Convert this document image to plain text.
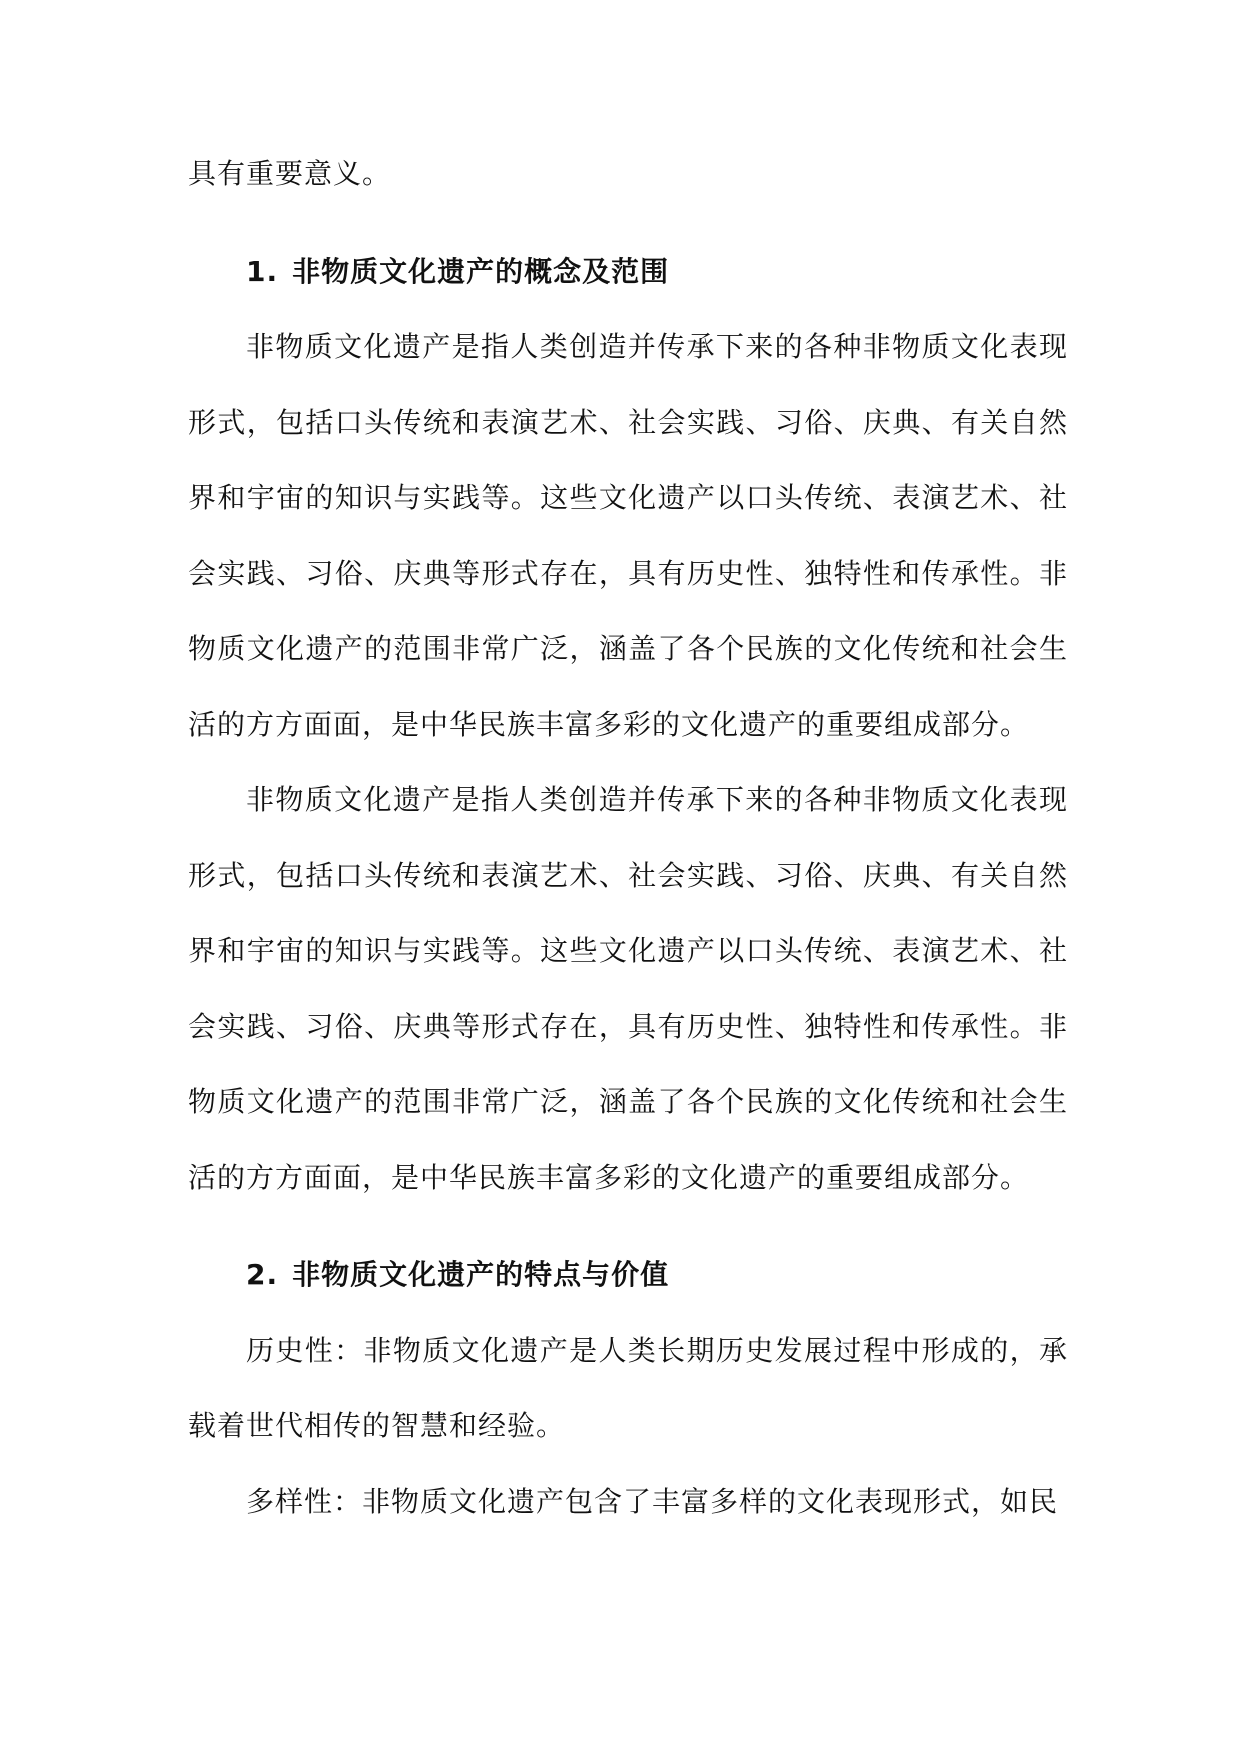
具有重要意义。

1. 非物质文化遗产的概念及范围

非物质文化遗产是指人类创造并传承下来的各种非物质文化表现形式，包括口头传统和表演艺术、社会实践、习俗、庆典、有关自然界和宇宙的知识与实践等。这些文化遗产以口头传统、表演艺术、社会实践、习俗、庆典等形式存在，具有历史性、独特性和传承性。非物质文化遗产的范围非常广泛，涵盖了各个民族的文化传统和社会生活的方方面面，是中华民族丰富多彩的文化遗产的重要组成部分。

非物质文化遗产是指人类创造并传承下来的各种非物质文化表现形式，包括口头传统和表演艺术、社会实践、习俗、庆典、有关自然界和宇宙的知识与实践等。这些文化遗产以口头传统、表演艺术、社会实践、习俗、庆典等形式存在，具有历史性、独特性和传承性。非物质文化遗产的范围非常广泛，涵盖了各个民族的文化传统和社会生活的方方面面，是中华民族丰富多彩的文化遗产的重要组成部分。

2. 非物质文化遗产的特点与价值

历史性：非物质文化遗产是人类长期历史发展过程中形成的，承载着世代相传的智慧和经验。

多样性：非物质文化遗产包含了丰富多样的文化表现形式，如民
